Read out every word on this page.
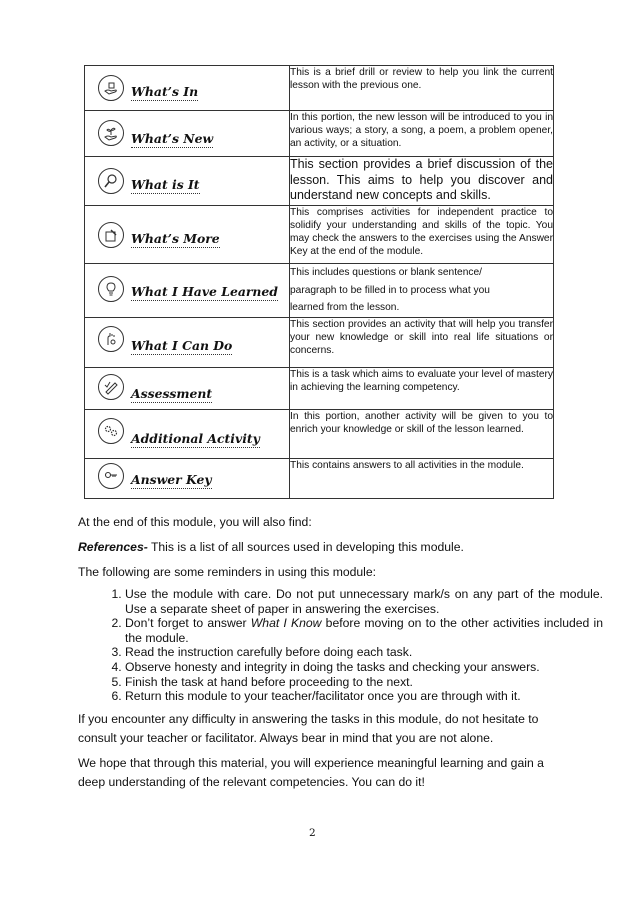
What’s In	This is a brief drill or review to help you link the current lesson with the previous one.

What’s New	In this portion, the new lesson will be introduced to you in various ways; a story, a song, a poem, a problem opener, an activity, or a situation.

What is It	This section provides a brief discussion of the lesson. This aims to help you discover and understand new concepts and skills.

What’s More	This comprises activities for independent practice to solidify your understanding and skills of the topic. You may check the answers to the exercises using the Answer Key at the end of the module.

What I Have Learned	This includes questions or blank sentence/
paragraph to be filled in to process what you
learned from the lesson.

What I Can Do	This section provides an activity that will help you transfer your new knowledge or skill into real life situations or concerns.

Assessment	This is a task which aims to evaluate your level of mastery in achieving the learning competency.

Additional Activity	In this portion, another activity will be given to you to enrich your knowledge or skill of the lesson learned.

Answer Key	This contains answers to all activities in the module.
At the end of this module, you will also find:
References- This is a list of all sources used in developing this module.
The following are some reminders in using this module:
1. Use the module with care. Do not put unnecessary mark/s on any part of the module. Use a separate sheet of paper in answering the exercises.
2. Don’t forget to answer What I Know before moving on to the other activities included in the module.
3. Read the instruction carefully before doing each task.
4. Observe honesty and integrity in doing the tasks and checking your answers.
5. Finish the task at hand before proceeding to the next.
6. Return this module to your teacher/facilitator once you are through with it.
If you encounter any difficulty in answering the tasks in this module, do not hesitate to consult your teacher or facilitator. Always bear in mind that you are not alone.
We hope that through this material, you will experience meaningful learning and gain a deep understanding of the relevant competencies. You can do it!
2
